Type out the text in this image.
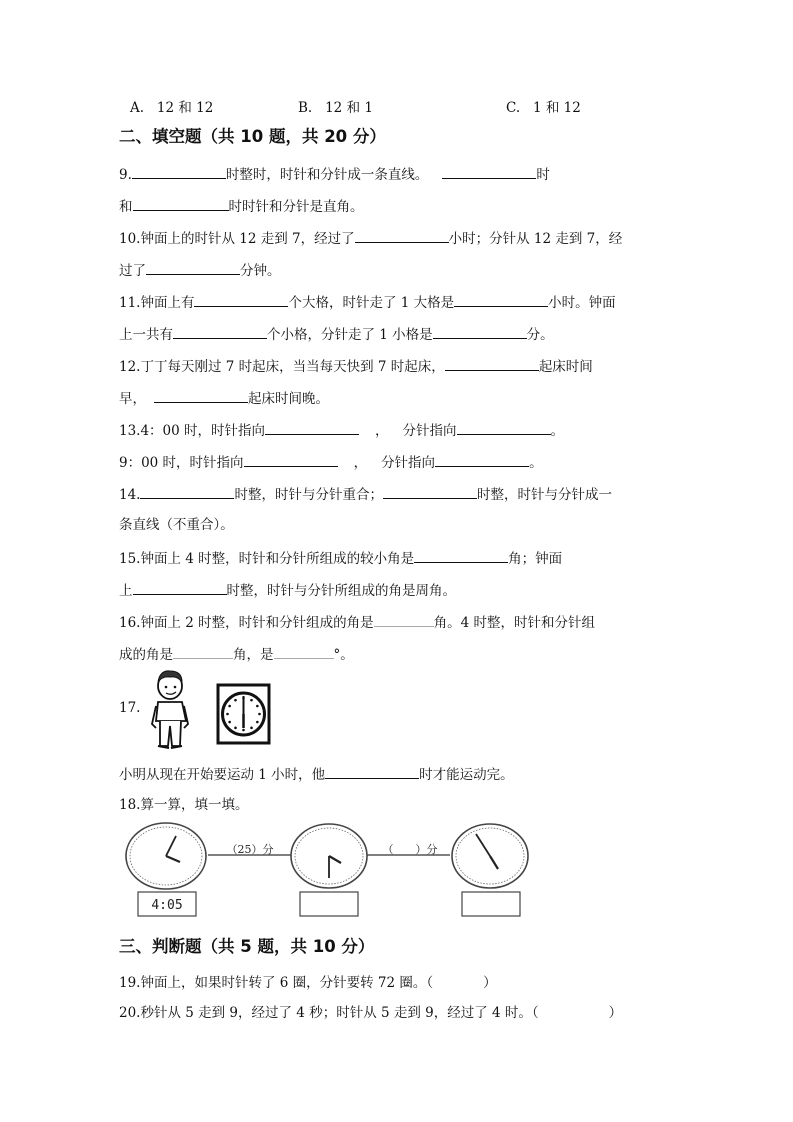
A. 12 和 12	B. 12 和 1	C. 1 和 12
二、填空题（共 10 题，共 20 分）
9.	时整时，时针和分针成一条直线。	时
和	时时针和分针是直角。
10.钟面上的时针从 12 走到 7，经过了	小时；分针从 12 走到 7，经
过了	分钟。
11.钟面上有	个大格，时针走了 1 大格是	小时。钟面
上一共有	个小格，分针走了 1 小格是	分。
12.丁丁每天刚过 7 时起床，当当每天快到 7 时起床，	起床时间
早，	起床时间晚。
13.4：00 时，时针指向	， 分针指向	。
9：00 时，时针指向	， 分针指向	。
14.	时整，时针与分针重合；	时整，时针与分针成一
条直线（不重合）。
15.钟面上 4 时整，时针和分针所组成的较小角是	角；钟面
上	时整，时针与分针所组成的角是周角。
16.钟面上 2 时整，时针和分针组成的角是	角。4 时整，时针和分针组
成的角是	角，是	°。
17.
小明从现在开始要运动 1 小时，他	时才能运动完。
18.算一算，填一填。
（25）分	（　　）分
4:05
三、判断题（共 5 题，共 10 分）
19.钟面上，如果时针转了 6 圈，分针要转 72 圈。（	）
20.秒针从 5 走到 9，经过了 4 秒；时针从 5 走到 9，经过了 4 时。（	）
